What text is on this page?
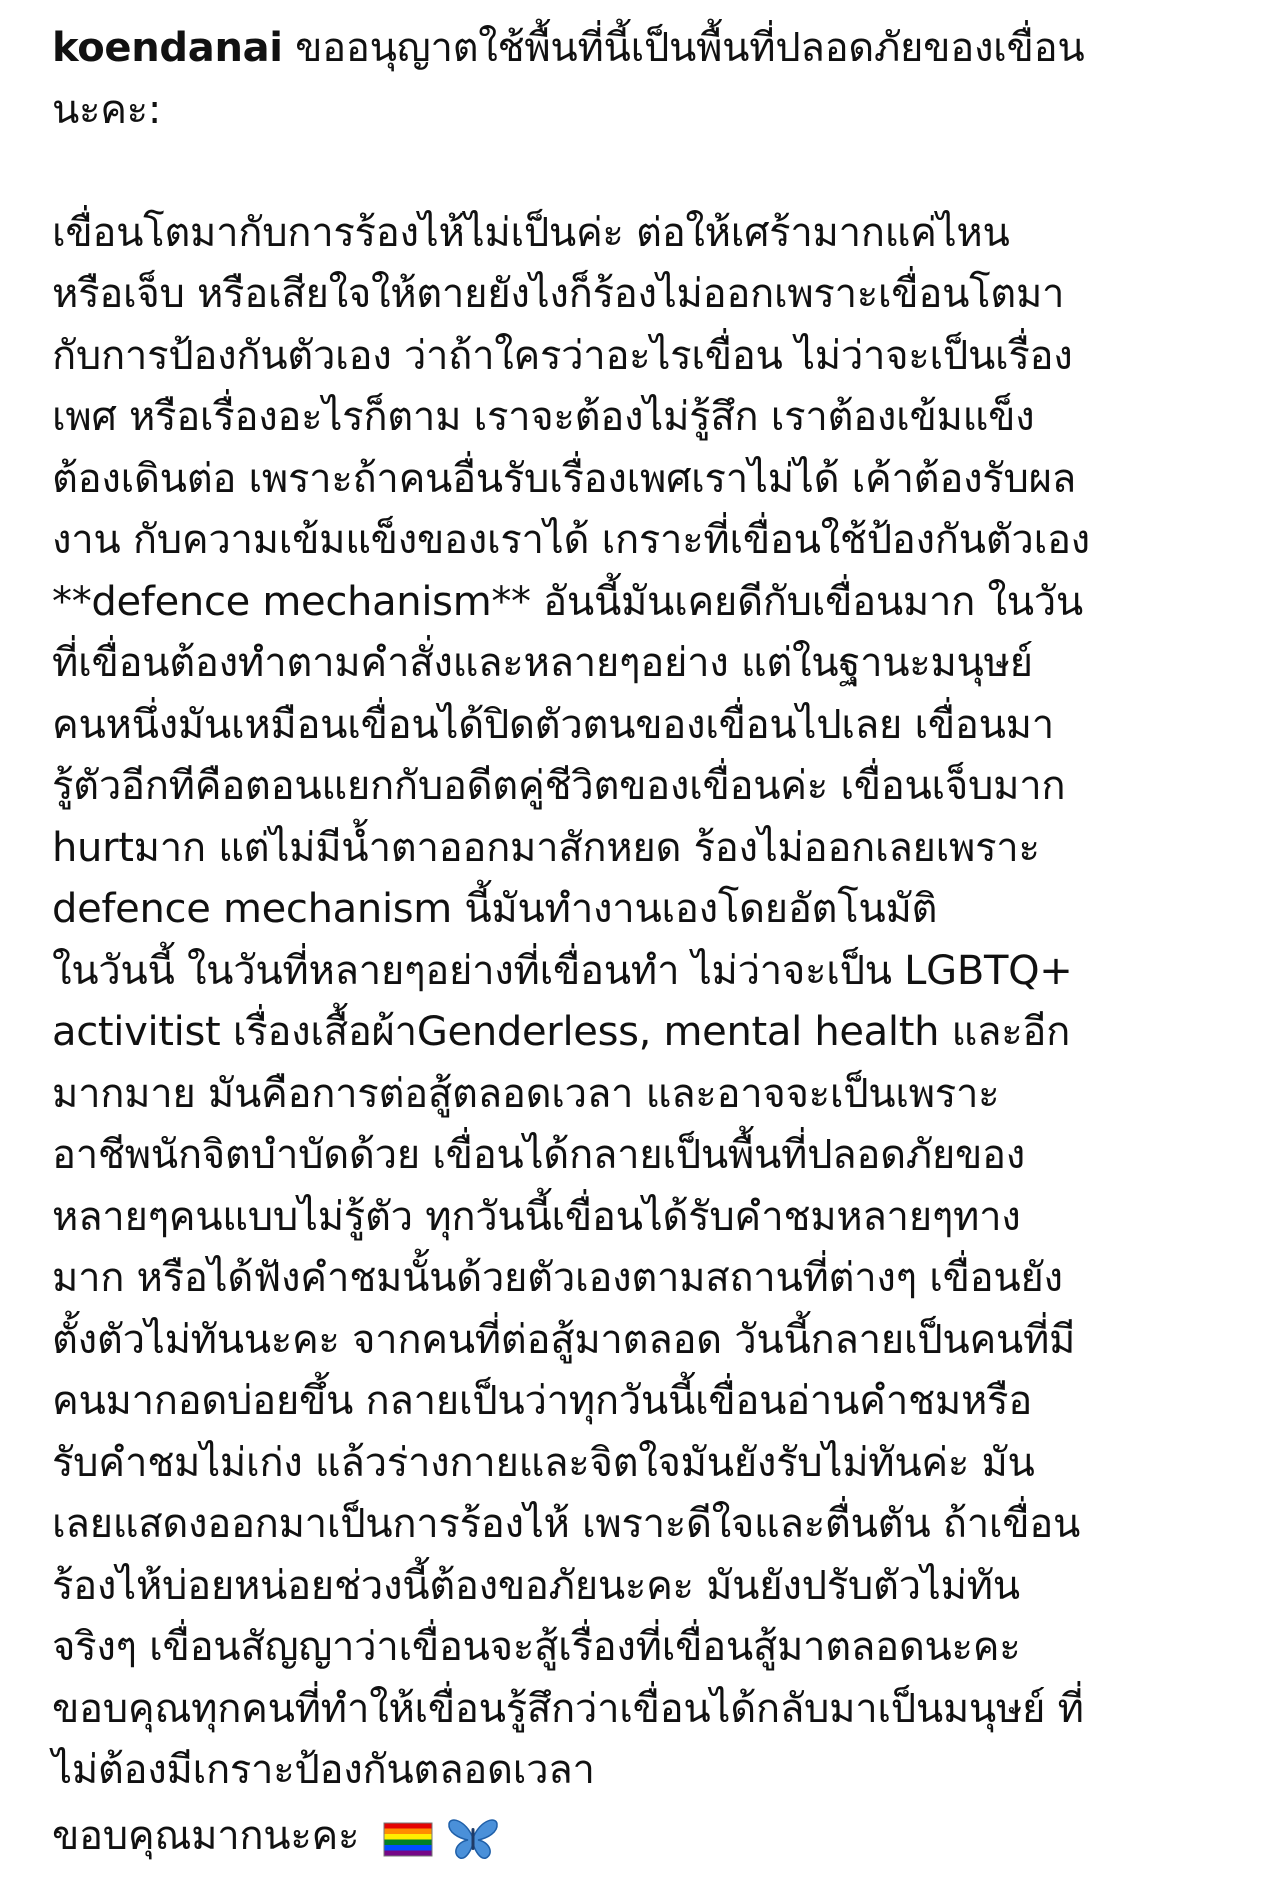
koendanai ขออนุญาตใช้พื้นที่นี้เป็นพื้นที่ปลอดภัยของเขื่อน
นะคะ:
เขื่อนโตมากับการร้องไห้ไม่เป็นค่ะ ต่อให้เศร้ามากแค่ไหน
หรือเจ็บ หรือเสียใจให้ตายยังไงก็ร้องไม่ออกเพราะเขื่อนโตมา
กับการป้องกันตัวเอง ว่าถ้าใครว่าอะไรเขื่อน ไม่ว่าจะเป็นเรื่อง
เพศ หรือเรื่องอะไรก็ตาม เราจะต้องไม่รู้สึก เราต้องเข้มแข็ง
ต้องเดินต่อ เพราะถ้าคนอื่นรับเรื่องเพศเราไม่ได้ เค้าต้องรับผล
งาน กับความเข้มแข็งของเราได้ เกราะที่เขื่อนใช้ป้องกันตัวเอง
**defence mechanism** อันนี้มันเคยดีกับเขื่อนมาก ในวัน
ที่เขื่อนต้องทำตามคำสั่งและหลายๆอย่าง แต่ในฐานะมนุษย์
คนหนึ่งมันเหมือนเขื่อนได้ปิดตัวตนของเขื่อนไปเลย เขื่อนมา
รู้ตัวอีกทีคือตอนแยกกับอดีตคู่ชีวิตของเขื่อนค่ะ เขื่อนเจ็บมาก
hurtมาก แต่ไม่มีน้ำตาออกมาสักหยด ร้องไม่ออกเลยเพราะ
defence mechanism นี้มันทำงานเองโดยอัตโนมัติ
ในวันนี้ ในวันที่หลายๆอย่างที่เขื่อนทำ ไม่ว่าจะเป็น LGBTQ+
activitist เรื่องเสื้อผ้าGenderless, mental health และอีก
มากมาย มันคือการต่อสู้ตลอดเวลา และอาจจะเป็นเพราะ
อาชีพนักจิตบำบัดด้วย เขื่อนได้กลายเป็นพื้นที่ปลอดภัยของ
หลายๆคนแบบไม่รู้ตัว ทุกวันนี้เขื่อนได้รับคำชมหลายๆทาง
มาก หรือได้ฟังคำชมนั้นด้วยตัวเองตามสถานที่ต่างๆ เขื่อนยัง
ตั้งตัวไม่ทันนะคะ จากคนที่ต่อสู้มาตลอด วันนี้กลายเป็นคนที่มี
คนมากอดบ่อยขึ้น กลายเป็นว่าทุกวันนี้เขื่อนอ่านคำชมหรือ
รับคำชมไม่เก่ง แล้วร่างกายและจิตใจมันยังรับไม่ทันค่ะ มัน
เลยแสดงออกมาเป็นการร้องไห้ เพราะดีใจและตื่นตัน ถ้าเขื่อน
ร้องไห้บ่อยหน่อยช่วงนี้ต้องขอภัยนะคะ มันยังปรับตัวไม่ทัน
จริงๆ เขื่อนสัญญาว่าเขื่อนจะสู้เรื่องที่เขื่อนสู้มาตลอดนะคะ
ขอบคุณทุกคนที่ทำให้เขื่อนรู้สึกว่าเขื่อนได้กลับมาเป็นมนุษย์ ที่
ไม่ต้องมีเกราะป้องกันตลอดเวลา
ขอบคุณมากนะคะ
